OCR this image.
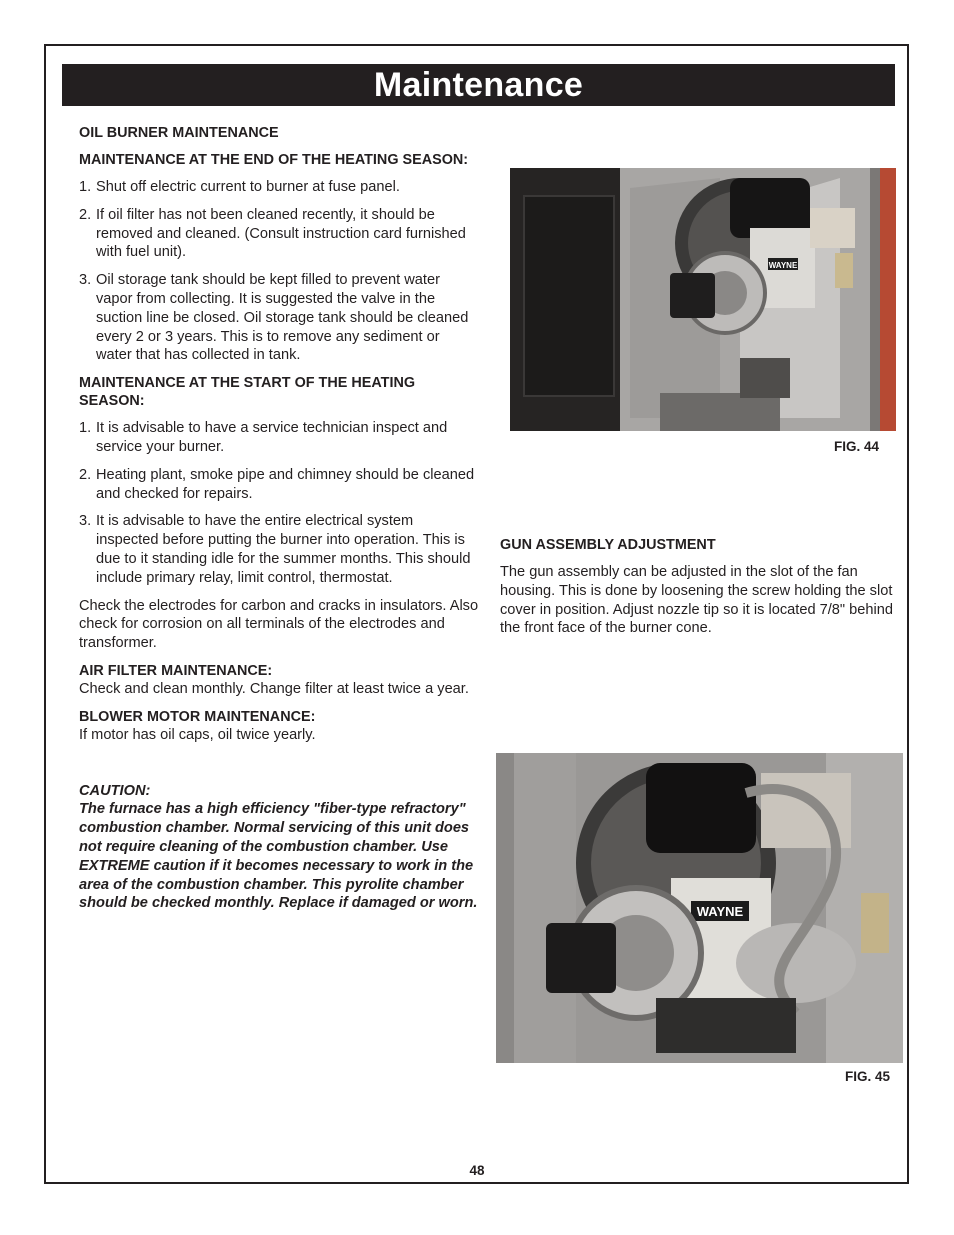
Maintenance
OIL BURNER MAINTENANCE
MAINTENANCE AT THE END OF THE HEATING SEASON:
1. Shut off electric current to burner at fuse panel.
2. If oil filter has not been cleaned recently, it should be removed and cleaned. (Consult instruction card furnished with fuel unit).
3. Oil storage tank should be kept filled to prevent water vapor from collecting. It is suggested the valve in the suction line be closed. Oil storage tank should be cleaned every 2 or 3 years. This is to remove any sediment or water that has collected in tank.
MAINTENANCE AT THE START OF THE HEATING SEASON:
1. It is advisable to have a service technician inspect and service your burner.
2. Heating plant, smoke pipe and chimney should be cleaned and checked for repairs.
3. It is advisable to have the entire electrical system inspected before putting the burner into operation. This is due to it standing idle for the summer months. This should include primary relay, limit control, thermostat.
Check the electrodes for carbon and cracks in insulators. Also check for corrosion on all terminals of the electrodes and transformer.
AIR FILTER MAINTENANCE:
Check and clean monthly. Change filter at least twice a year.
BLOWER MOTOR MAINTENANCE:
If motor has oil caps, oil twice yearly.
CAUTION:
The furnace has a high efficiency "fiber-type refractory" combustion chamber. Normal servicing of this unit does not require cleaning of the combustion chamber. Use EXTREME caution if it becomes necessary to work in the area of the combustion chamber. This pyrolite chamber should be checked monthly. Replace if damaged or worn.
WAYNE
FIG. 44
GUN ASSEMBLY ADJUSTMENT
The gun assembly can be adjusted in the slot of the fan housing. This is done by loosening the screw holding the slot cover in position. Adjust nozzle tip so it is located 7/8" behind the front face of the burner cone.
WAYNE
FIG. 45
48
